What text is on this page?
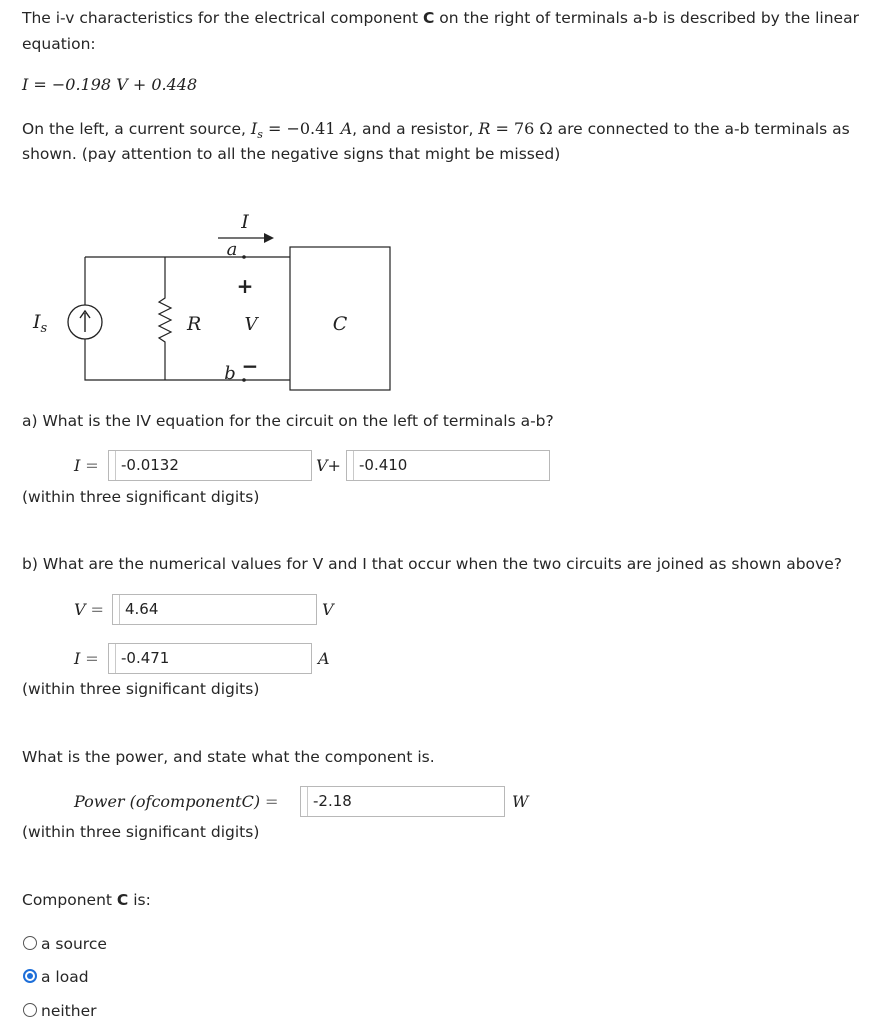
The i-v characteristics for the electrical component C on the right of terminals a-b is described by the linear
equation:
I = −0.198 V + 0.448
On the left, a current source, $I_s = -0.41$ A, and a resistor, R = 76 Ω are connected to the a-b terminals as
shown. (pay attention to all the negative signs that might be missed)
I
a
+
V
b −
$I_s$	R	C
a) What is the IV equation for the circuit on the left of terminals a-b?
I =	-0.0132	V+	-0.410
(within three significant digits)
b) What are the numerical values for V and I that occur when the two circuits are joined as shown above?
V =	4.64	V
I =	-0.471	A
(within three significant digits)
What is the power, and state what the component is.
Power (ofcomponentC) =	-2.18	W
(within three significant digits)
Component C is:
a source
a load
neither
